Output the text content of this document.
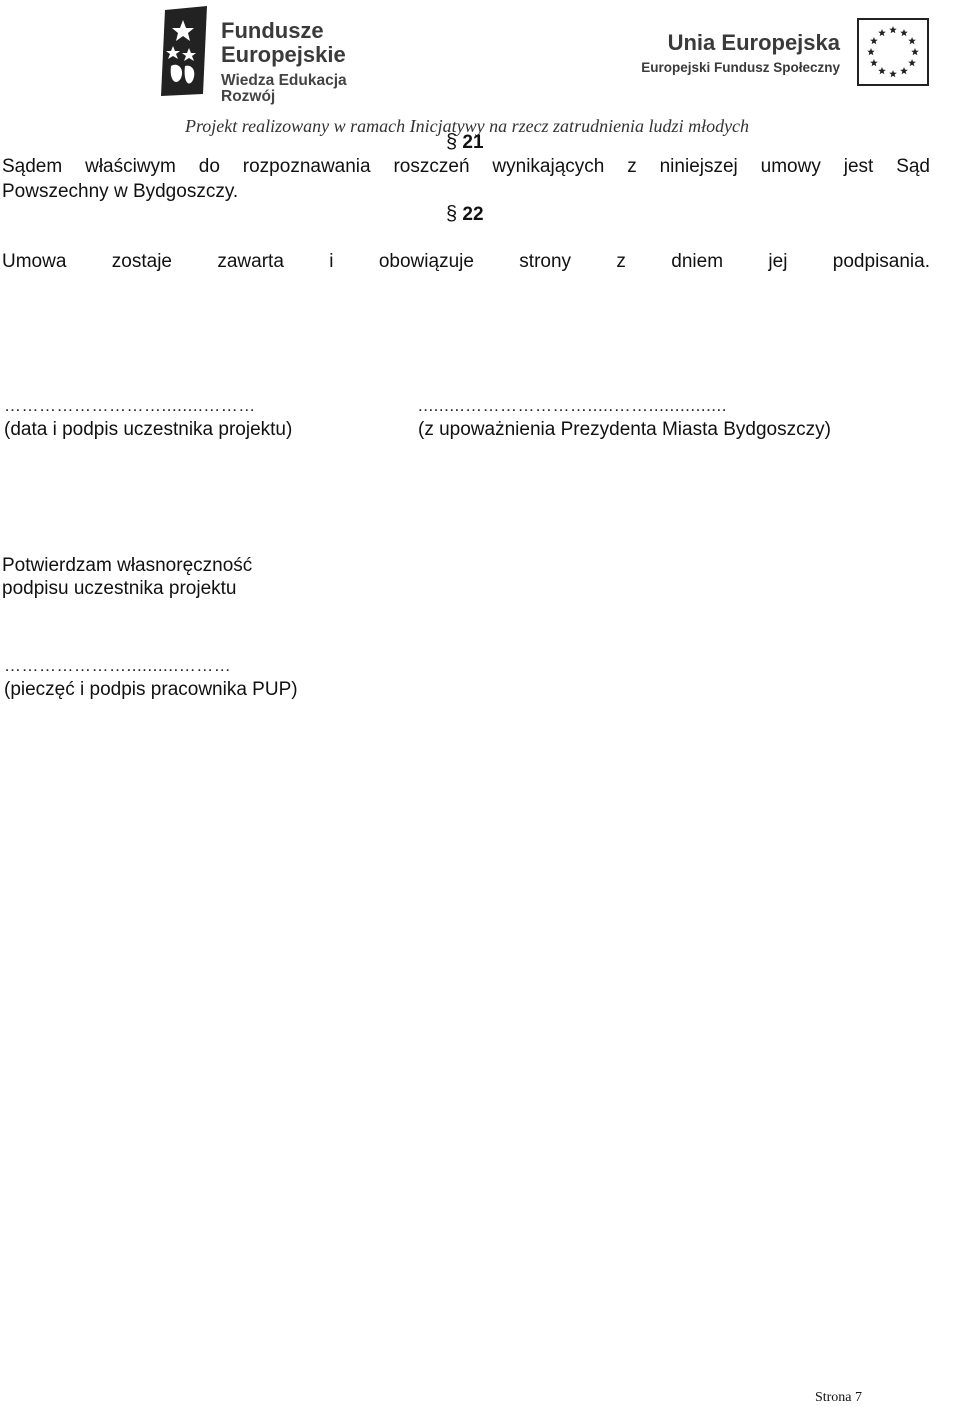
Fundusze
Europejskie
Wiedza Edukacja Rozwój
Unia Europejska
Europejski Fundusz Społeczny
Projekt realizowany w ramach Inicjatywy na rzecz zatrudnienia ludzi młodych
§ 21
Sądem właściwym do rozpoznawania roszczeń wynikających z niniejszej umowy jest Sąd
Powszechny w Bydgoszczy.
§ 22
Umowa zostaje zawarta i obowiązuje strony z dniem jej podpisania.
………………………........………
(data i podpis uczestnika projektu)
.........………………….....……...............
(z upoważnienia Prezydenta Miasta Bydgoszczy)
Potwierdzam własnoręczność
podpisu uczestnika projektu
…………………..........………
(pieczęć i podpis pracownika PUP)
Strona 7
